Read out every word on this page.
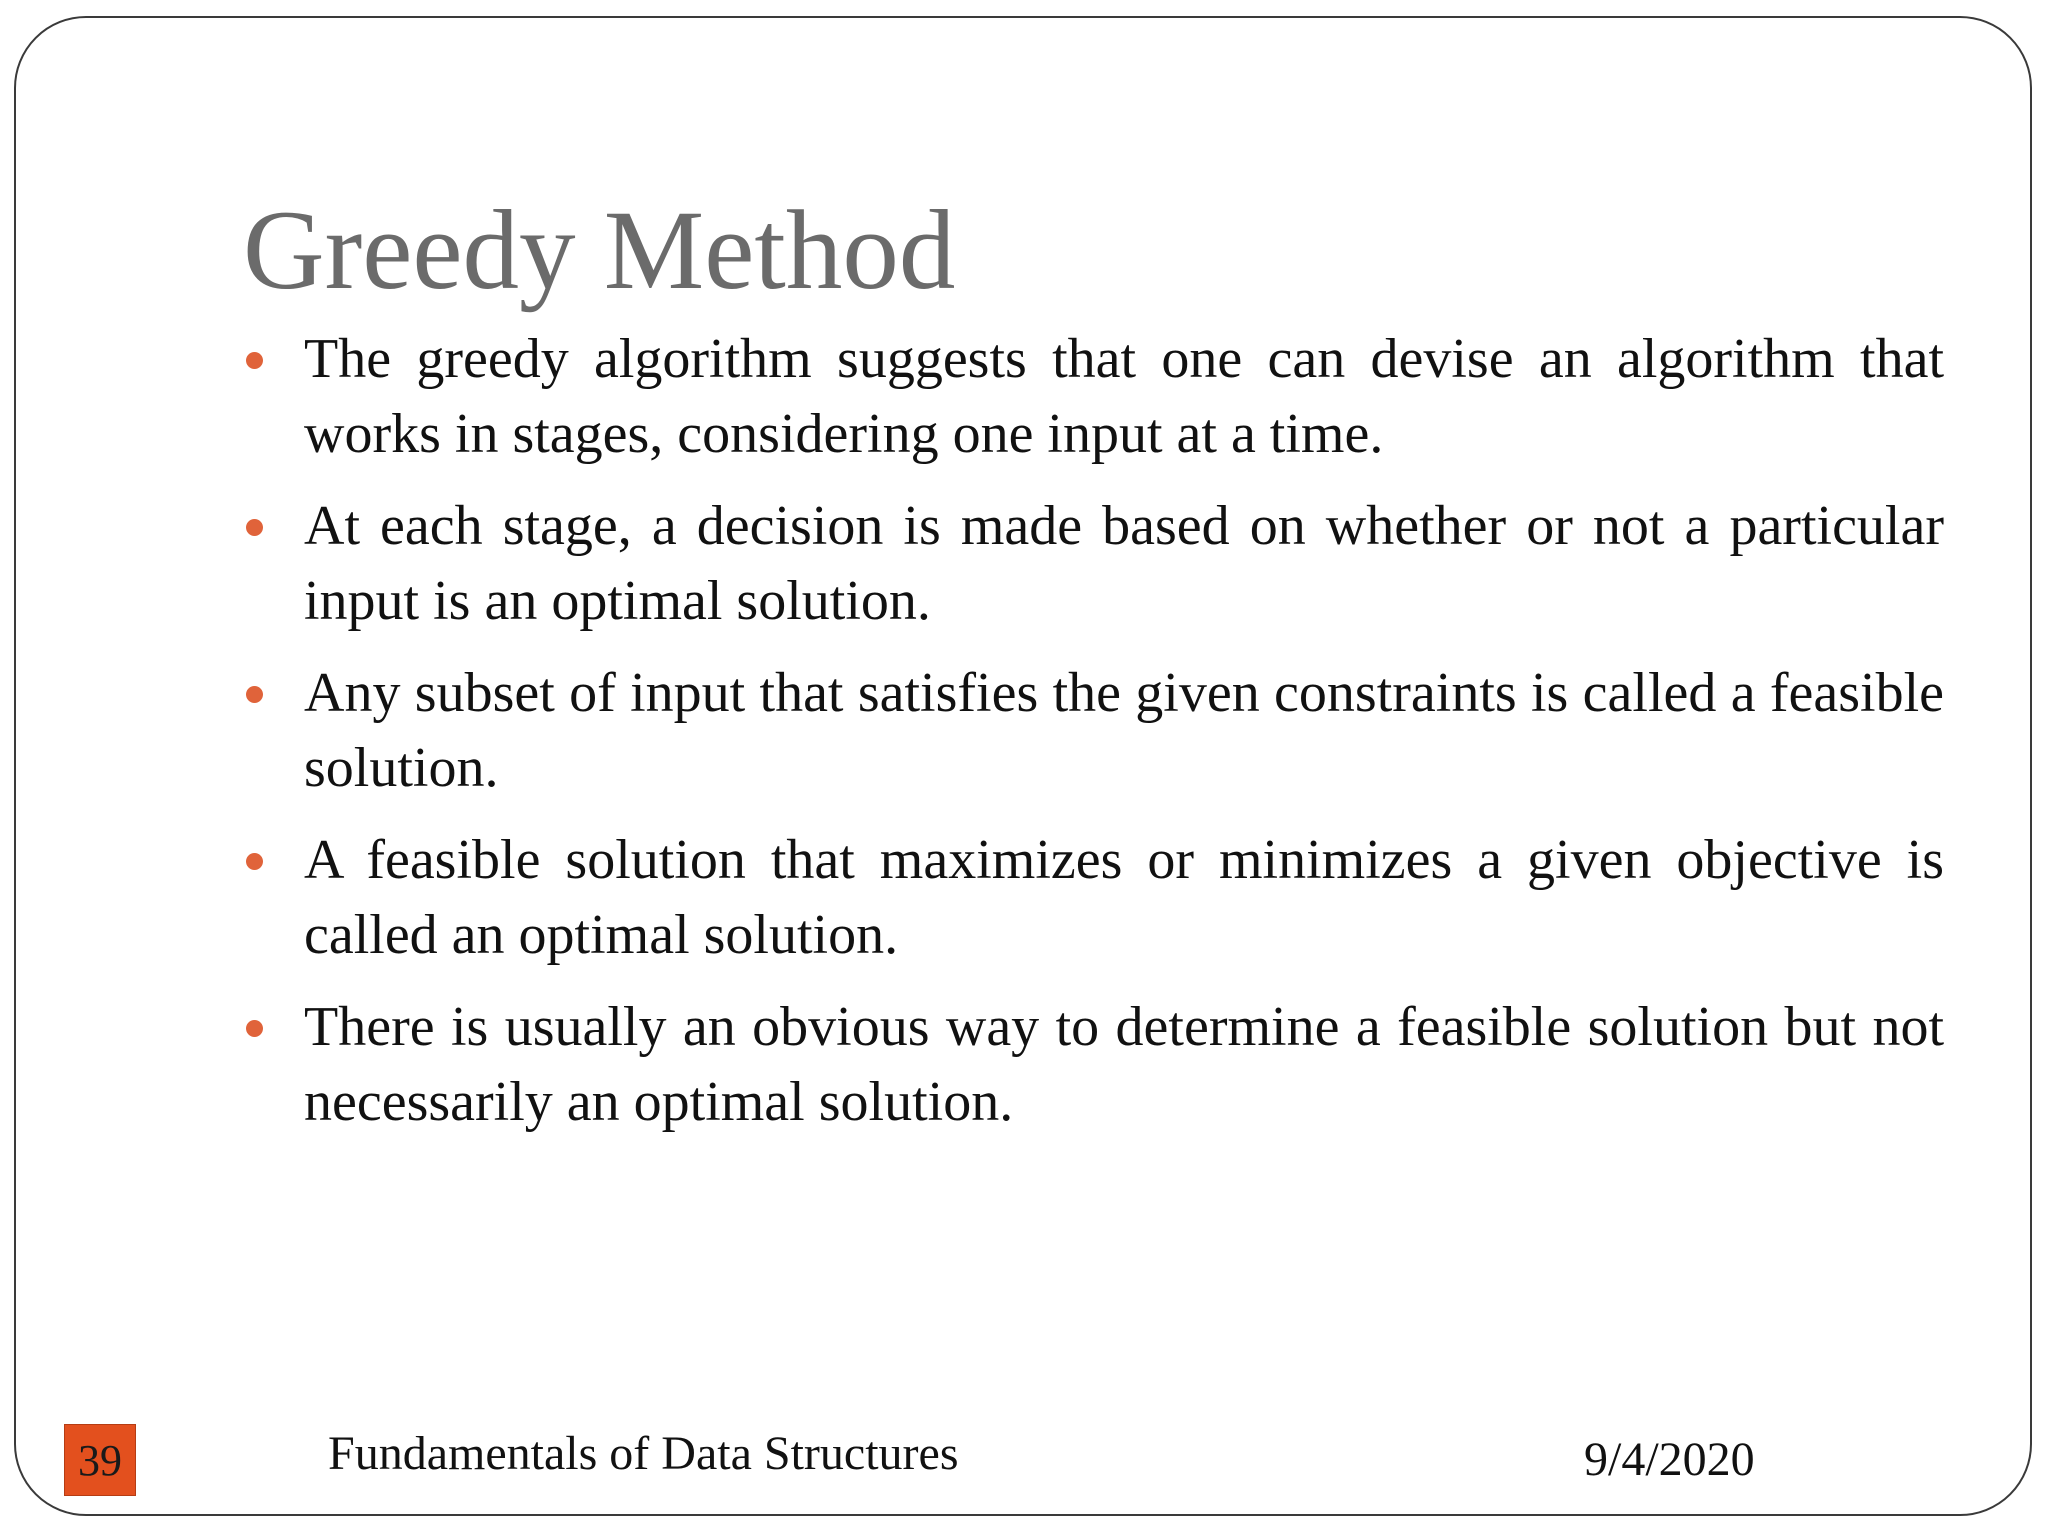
Greedy Method
The greedy algorithm suggests that one can devise an algorithm that works in stages, considering one input at a time.
At each stage, a decision is made based on whether or not a particular input is an optimal solution.
Any subset of input that satisfies the given constraints is called a feasible solution.
A feasible solution that maximizes or minimizes a given objective is called an optimal solution.
There is usually an obvious way to determine a feasible solution but not necessarily an optimal solution.
39	Fundamentals of Data Structures	9/4/2020
